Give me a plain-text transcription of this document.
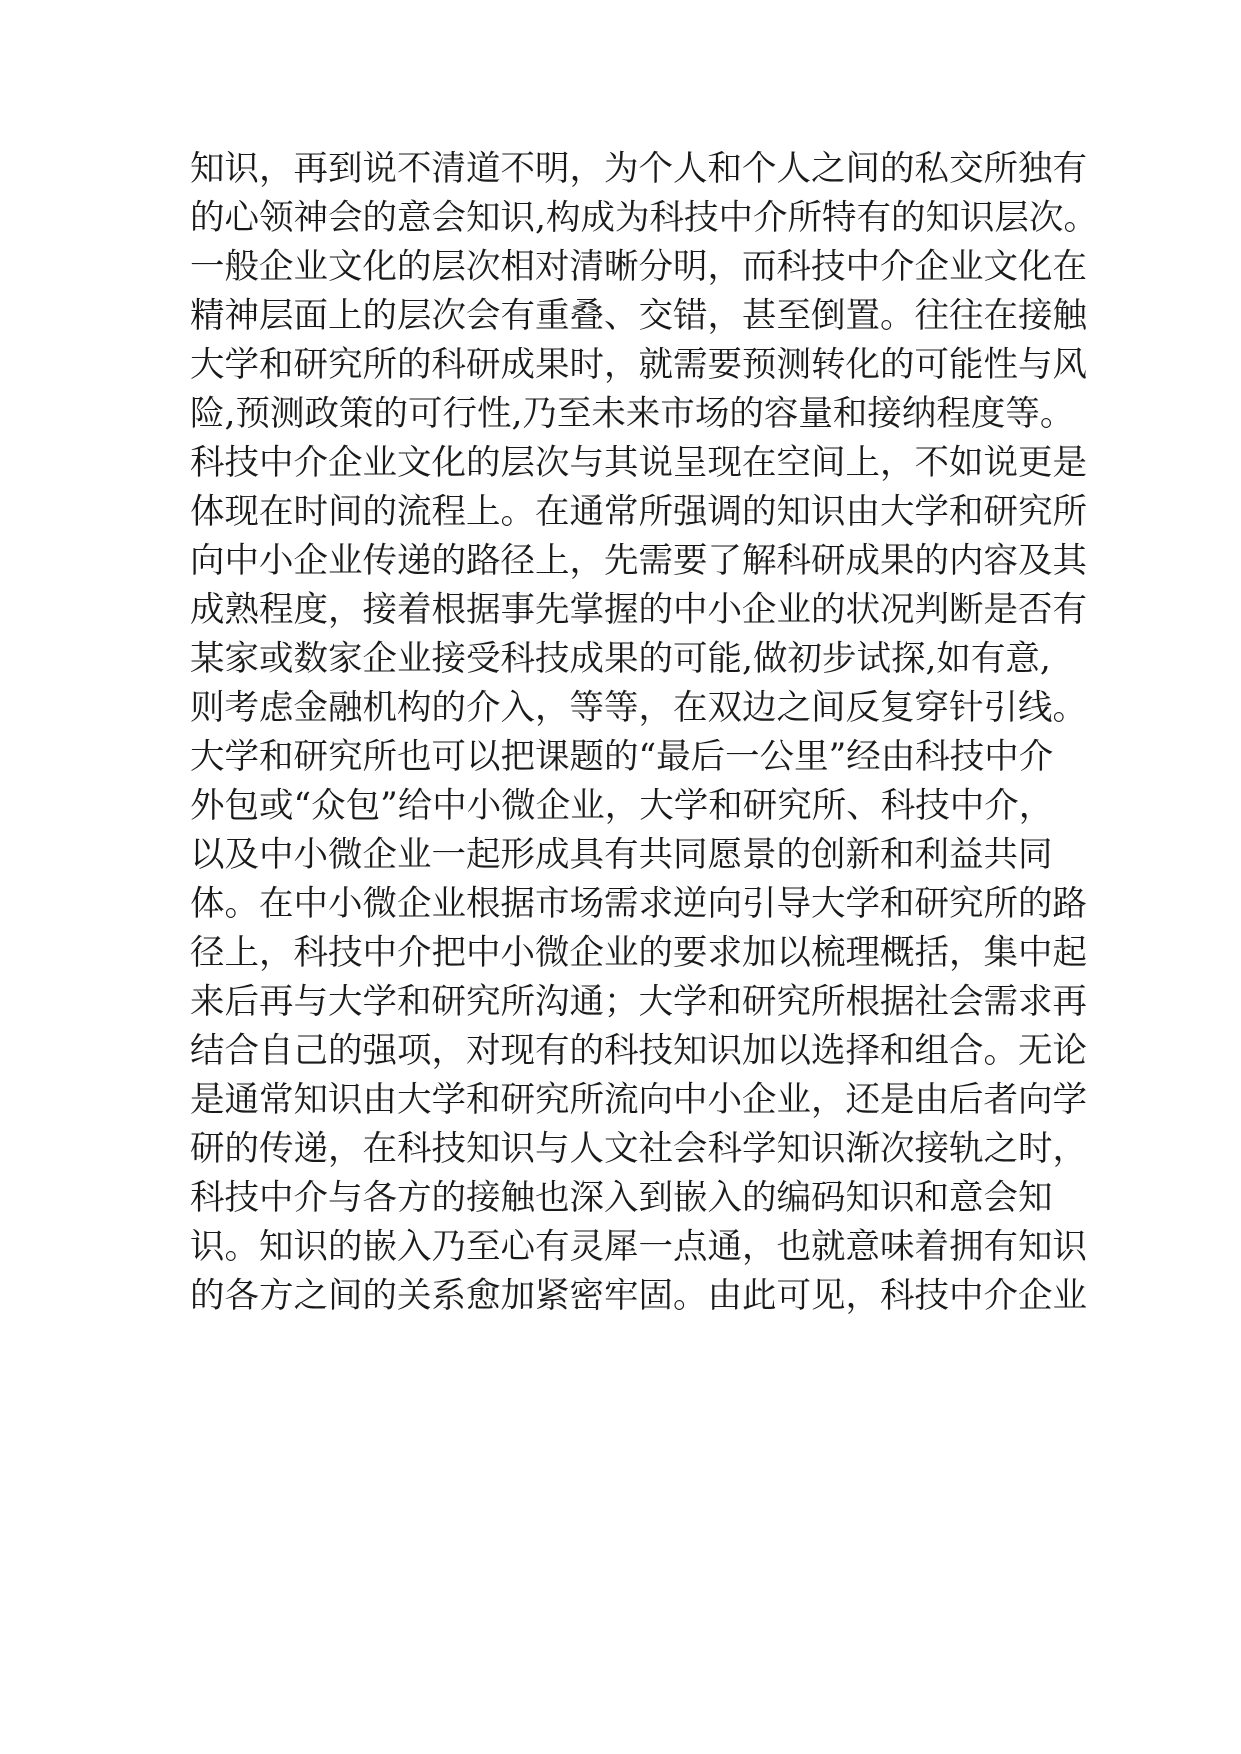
知识，再到说不清道不明，为个人和个人之间的私交所独有
的心领神会的意会知识,构成为科技中介所特有的知识层次。
一般企业文化的层次相对清晰分明，而科技中介企业文化在
精神层面上的层次会有重叠、交错，甚至倒置。往往在接触
大学和研究所的科研成果时，就需要预测转化的可能性与风
险,预测政策的可行性,乃至未来市场的容量和接纳程度等。
科技中介企业文化的层次与其说呈现在空间上，不如说更是
体现在时间的流程上。在通常所强调的知识由大学和研究所
向中小企业传递的路径上，先需要了解科研成果的内容及其
成熟程度，接着根据事先掌握的中小企业的状况判断是否有
某家或数家企业接受科技成果的可能,做初步试探,如有意,
则考虑金融机构的介入，等等，在双边之间反复穿针引线。
大学和研究所也可以把课题的“最后一公里”经由科技中介
外包或“众包”给中小微企业，大学和研究所、科技中介，
以及中小微企业一起形成具有共同愿景的创新和利益共同
体。在中小微企业根据市场需求逆向引导大学和研究所的路
径上，科技中介把中小微企业的要求加以梳理概括，集中起
来后再与大学和研究所沟通；大学和研究所根据社会需求再
结合自己的强项，对现有的科技知识加以选择和组合。无论
是通常知识由大学和研究所流向中小企业，还是由后者向学
研的传递，在科技知识与人文社会科学知识渐次接轨之时，
科技中介与各方的接触也深入到嵌入的编码知识和意会知
识。知识的嵌入乃至心有灵犀一点通，也就意味着拥有知识
的各方之间的关系愈加紧密牢固。由此可见，科技中介企业
